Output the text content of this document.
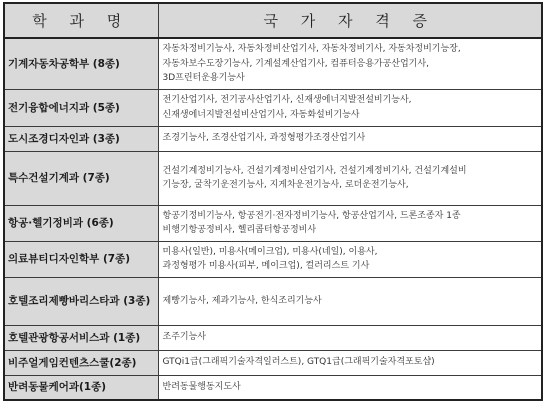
학 과 명	국 가 자 격 증
기계자동차공학부 (8종)	자동차정비기능사, 자동차정비산업기사, 자동차정비기사, 자동차정비기능장,
자동차보수도장기능사, 기계설계산업기사, 컴퓨터응용가공산업기사,
3D프린터운용기능사

전기융합에너지과 (5종)	전기산업기사, 전기공사산업기사, 신재생에너지발전설비기능사,
신재생에너지발전설비산업기사, 자동화설비기능사

도시조경디자인과 (3종)	조경기능사, 조경산업기사, 과정형평가조경산업기사

특수건설기계과 (7종)	건설기계정비기능사, 건설기계정비산업기사, 건설기계정비기사, 건설기계설비
기능장, 굴착기운전기능사, 지게차운전기능사, 로더운전기능사,

항공·헬기정비과 (6종)	항공기정비기능사, 항공전기·전자정비기능사, 항공산업기사, 드론조종자 1종
비행기항공정비사, 헬리콥터항공정비사

의료뷰티디자인학부 (7종)	미용사(일반), 미용사(메이크업), 미용사(네일), 이용사,
과정형평가 미용사(피부, 메이크업), 컬러리스트 기사

호텔조리제빵바리스타과 (3종)	제빵기능사, 제과기능사, 한식조리기능사

호텔관광항공서비스과 (1종)	조주기능사

비주얼게임컨텐츠스쿨(2종)	GTQi1급(그래픽기술자격일러스트), GTQ1급(그래픽기술자격포토샵)

반려동물케어과(1종)	반려동물행동지도사
